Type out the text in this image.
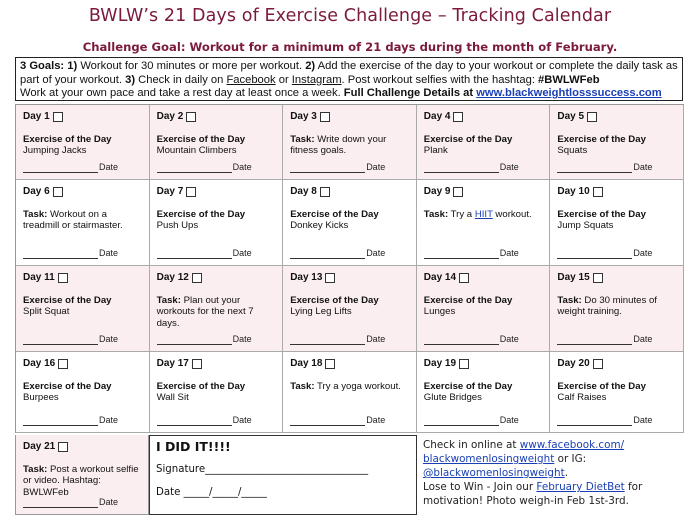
BWLW’s 21 Days of Exercise Challenge – Tracking Calendar
Challenge Goal: Workout for a minimum of 21 days during the month of February.
3 Goals: 1) Workout for 30 minutes or more per workout. 2) Add the exercise of the day to your workout or complete the daily task as part of your workout. 3) Check in daily on Facebook or Instagram. Post workout selfies with the hashtag: #BWLWFeb
Work at your own pace and take a rest day at least once a week. Full Challenge Details at www.blackweightlosssuccess.com
Day 1
Exercise of the Day
Jumping Jacks
Date
Day 2
Exercise of the Day
Mountain Climbers
Date
Day 3
Task: Write down your fitness goals.
Date
Day 4
Exercise of the Day
Plank
Date
Day 5
Exercise of the Day
Squats
Date
Day 6
Task: Workout on a treadmill or stairmaster.
Date
Day 7
Exercise of the Day
Push Ups
Date
Day 8
Exercise of the Day
Donkey Kicks
Date
Day 9
Task: Try a HIIT workout.
Date
Day 10
Exercise of the Day
Jump Squats
Date
Day 11
Exercise of the Day
Split Squat
Date
Day 12
Task: Plan out your workouts for the next 7 days.
Date
Day 13
Exercise of the Day
Lying Leg Lifts
Date
Day 14
Exercise of the Day
Lunges
Date
Day 15
Task: Do 30 minutes of weight training.
Date
Day 16
Exercise of the Day
Burpees
Date
Day 17
Exercise of the Day
Wall Sit
Date
Day 18
Task: Try a yoga workout.
Date
Day 19
Exercise of the Day
Glute Bridges
Date
Day 20
Exercise of the Day
Calf Raises
Date
Day 21
Task: Post a workout selfie or video. Hashtag: BWLWFeb
Date
I DID IT!!!!
Signature________________________________
Date _____/_____/_____
Check in online at www.facebook.com/
blackwomenlosingweight or IG:
@blackwomenlosingweight.
Lose to Win - Join our February DietBet for motivation! Photo weigh-in Feb 1st-3rd.
